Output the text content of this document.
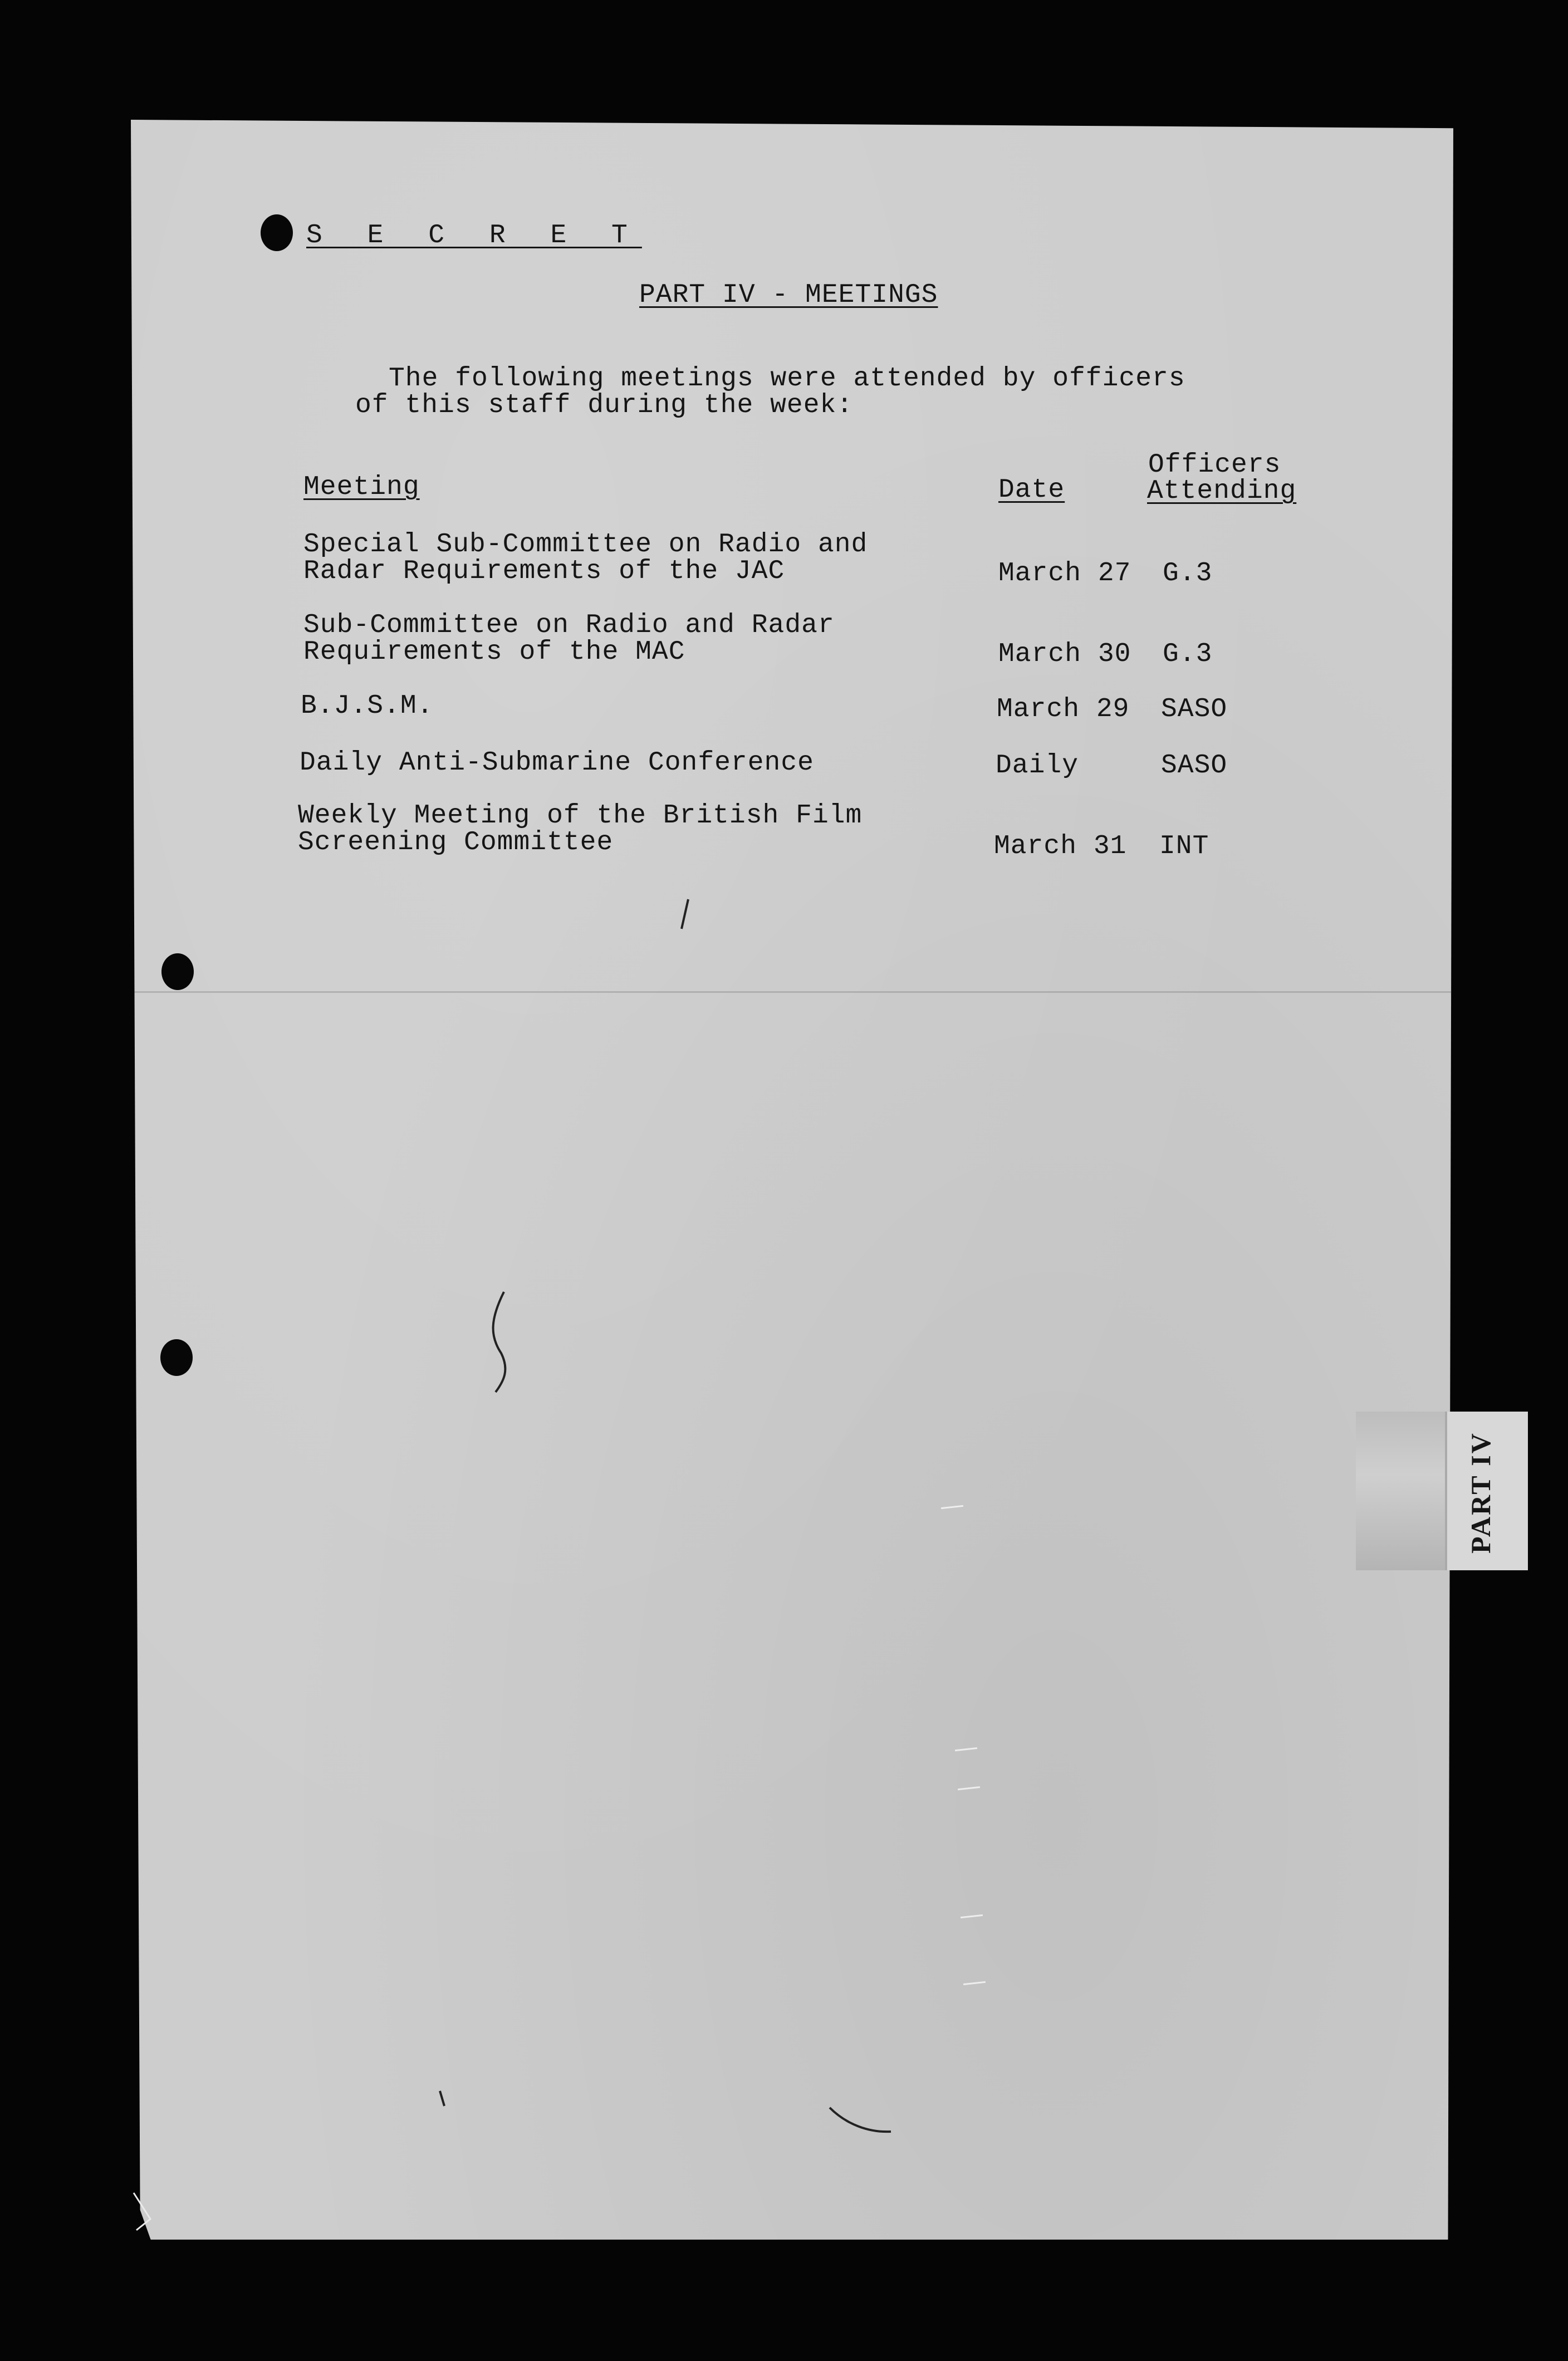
S E C R E T

PART IV - MEETINGS

The following meetings were attended by officers

of this staff during the week:

Officers

Meeting	Date	Attending

Special Sub-Committee on Radio and

Radar Requirements of the JAC	March 27 G.3

Sub-Committee on Radio and Radar

Requirements of the MAC	March 30 G.3

B.J.S.M.	March 29 SASO

Daily Anti-Submarine Conference	Daily	SASO

Weekly Meeting of the British Film

Screening Committee	March 31 INT

PART IV
